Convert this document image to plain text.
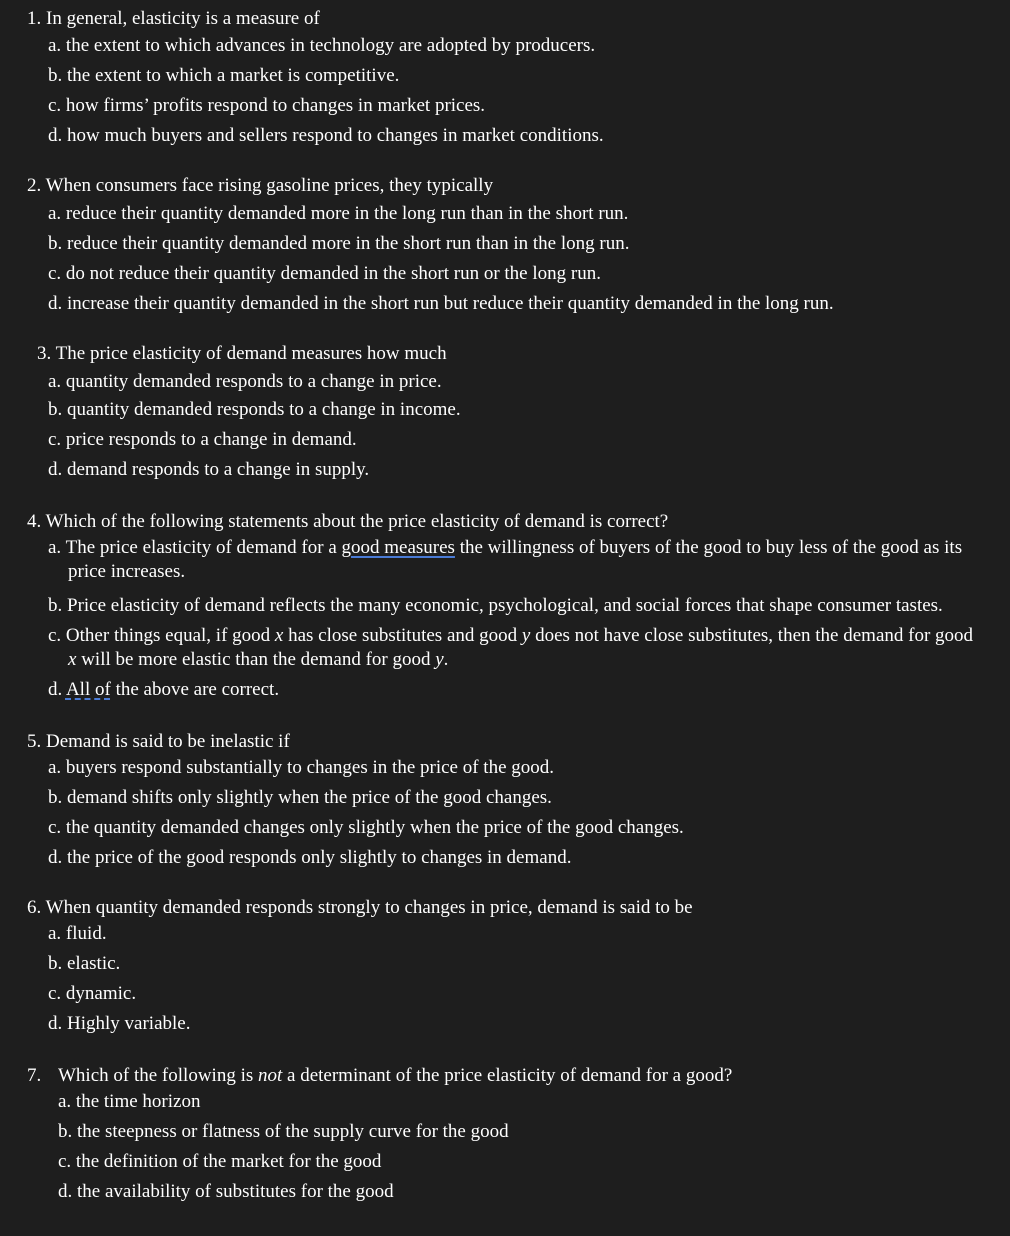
1. In general, elasticity is a measure of
a. the extent to which advances in technology are adopted by producers.
b. the extent to which a market is competitive.
c. how firms’ profits respond to changes in market prices.
d. how much buyers and sellers respond to changes in market conditions.
2. When consumers face rising gasoline prices, they typically
a. reduce their quantity demanded more in the long run than in the short run.
b. reduce their quantity demanded more in the short run than in the long run.
c. do not reduce their quantity demanded in the short run or the long run.
d. increase their quantity demanded in the short run but reduce their quantity demanded in the long run.
3. The price elasticity of demand measures how much
a. quantity demanded responds to a change in price.
b. quantity demanded responds to a change in income.
c. price responds to a change in demand.
d. demand responds to a change in supply.
4. Which of the following statements about the price elasticity of demand is correct?
a. The price elasticity of demand for a good measures the willingness of buyers of the good to buy less of the good as its price increases.
b. Price elasticity of demand reflects the many economic, psychological, and social forces that shape consumer tastes.
c. Other things equal, if good x has close substitutes and good y does not have close substitutes, then the demand for good x will be more elastic than the demand for good y.
d. All of the above are correct.
5. Demand is said to be inelastic if
a. buyers respond substantially to changes in the price of the good.
b. demand shifts only slightly when the price of the good changes.
c. the quantity demanded changes only slightly when the price of the good changes.
d. the price of the good responds only slightly to changes in demand.
6. When quantity demanded responds strongly to changes in price, demand is said to be
a. fluid.
b. elastic.
c. dynamic.
d. Highly variable.
7. Which of the following is not a determinant of the price elasticity of demand for a good?
a. the time horizon
b. the steepness or flatness of the supply curve for the good
c. the definition of the market for the good
d. the availability of substitutes for the good
